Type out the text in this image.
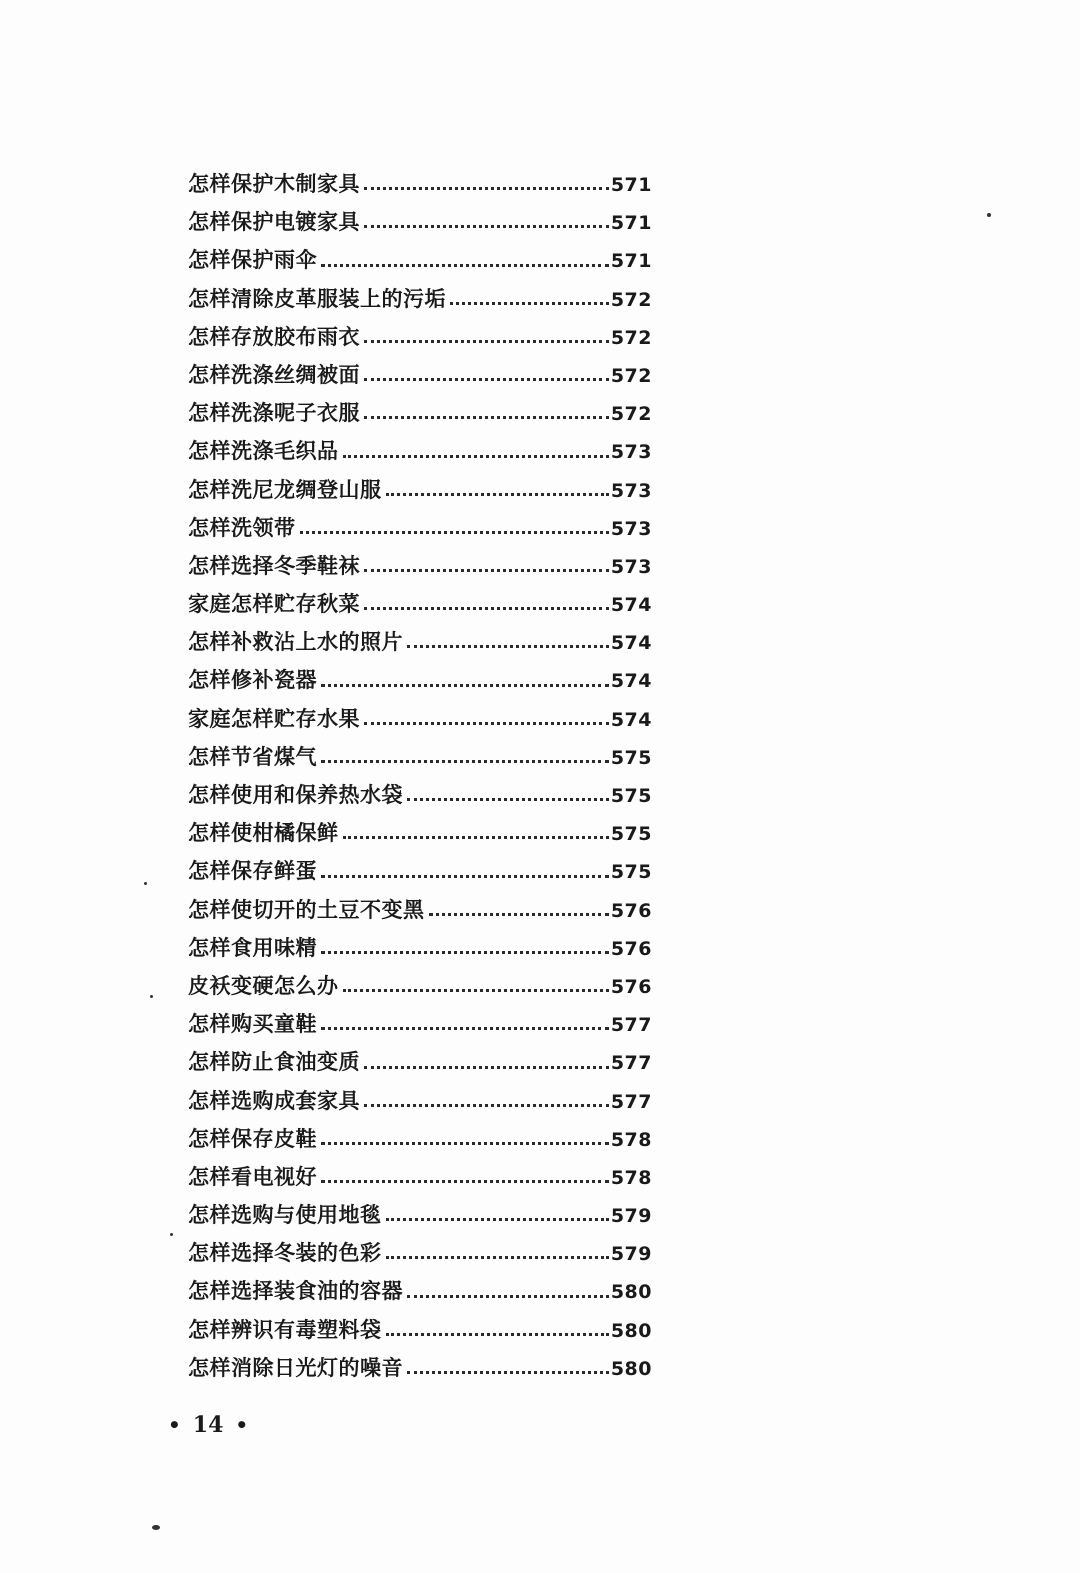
怎样保护木制家具	571
怎样保护电镀家具	571
怎样保护雨伞	571
怎样清除皮革服装上的污垢	572
怎样存放胶布雨衣	572
怎样洗涤丝绸被面	572
怎样洗涤呢子衣服	572
怎样洗涤毛织品	573
怎样洗尼龙绸登山服	573
怎样洗领带	573
怎样选择冬季鞋袜	573
家庭怎样贮存秋菜	574
怎样补救沾上水的照片	574
怎样修补瓷器	574
家庭怎样贮存水果	574
怎样节省煤气	575
怎样使用和保养热水袋	575
怎样使柑橘保鲜	575
怎样保存鲜蛋	575
怎样使切开的土豆不变黑	576
怎样食用味精	576
皮袄变硬怎么办	576
怎样购买童鞋	577
怎样防止食油变质	577
怎样选购成套家具	577
怎样保存皮鞋	578
怎样看电视好	578
怎样选购与使用地毯	579
怎样选择冬装的色彩	579
怎样选择装食油的容器	580
怎样辨识有毒塑料袋	580
怎样消除日光灯的噪音	580
• 14 •
